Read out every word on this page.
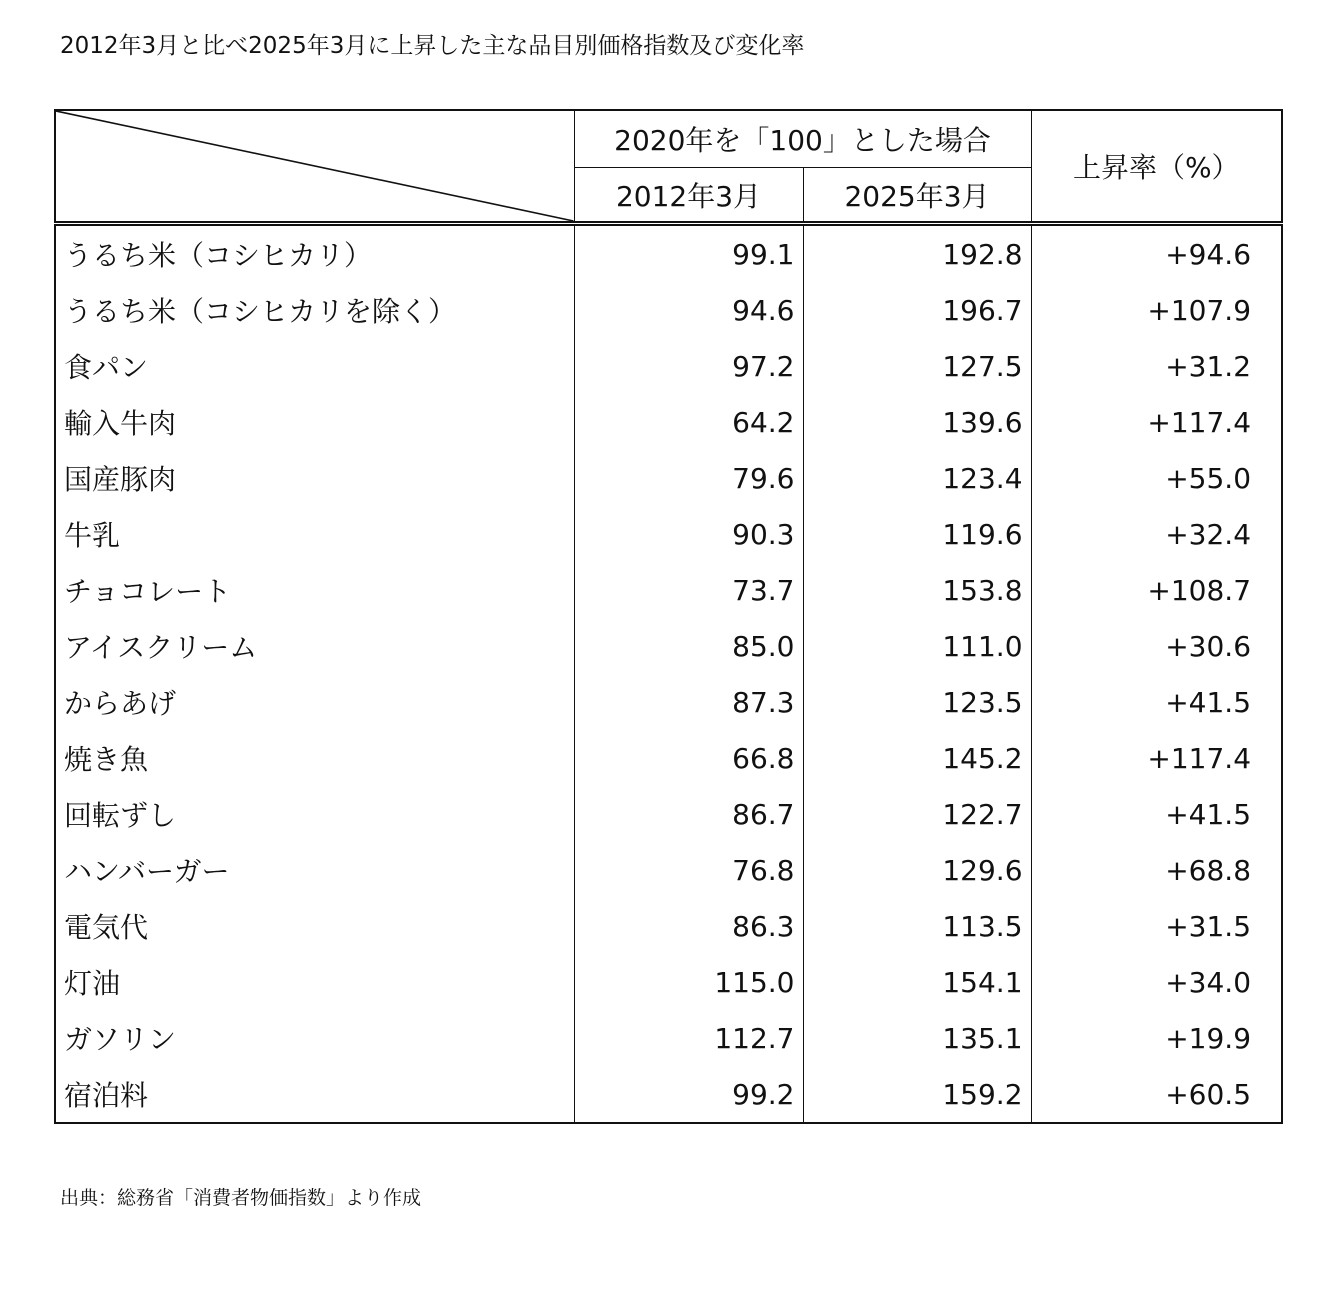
2012年3月と比べ2025年3月に上昇した主な品目別価格指数及び変化率
	2020年を「100」とした場合		上昇率（%）
	2012年3月	2025年3月	
うるち米（コシヒカリ）	99.1	192.8	+94.6
うるち米（コシヒカリを除く）	94.6	196.7	+107.9
食パン	97.2	127.5	+31.2
輸入牛肉	64.2	139.6	+117.4
国産豚肉	79.6	123.4	+55.0
牛乳	90.3	119.6	+32.4
チョコレート	73.7	153.8	+108.7
アイスクリーム	85.0	111.0	+30.6
からあげ	87.3	123.5	+41.5
焼き魚	66.8	145.2	+117.4
回転ずし	86.7	122.7	+41.5
ハンバーガー	76.8	129.6	+68.8
電気代	86.3	113.5	+31.5
灯油	115.0	154.1	+34.0
ガソリン	112.7	135.1	+19.9
宿泊料	99.2	159.2	+60.5
出典：総務省「消費者物価指数」より作成
